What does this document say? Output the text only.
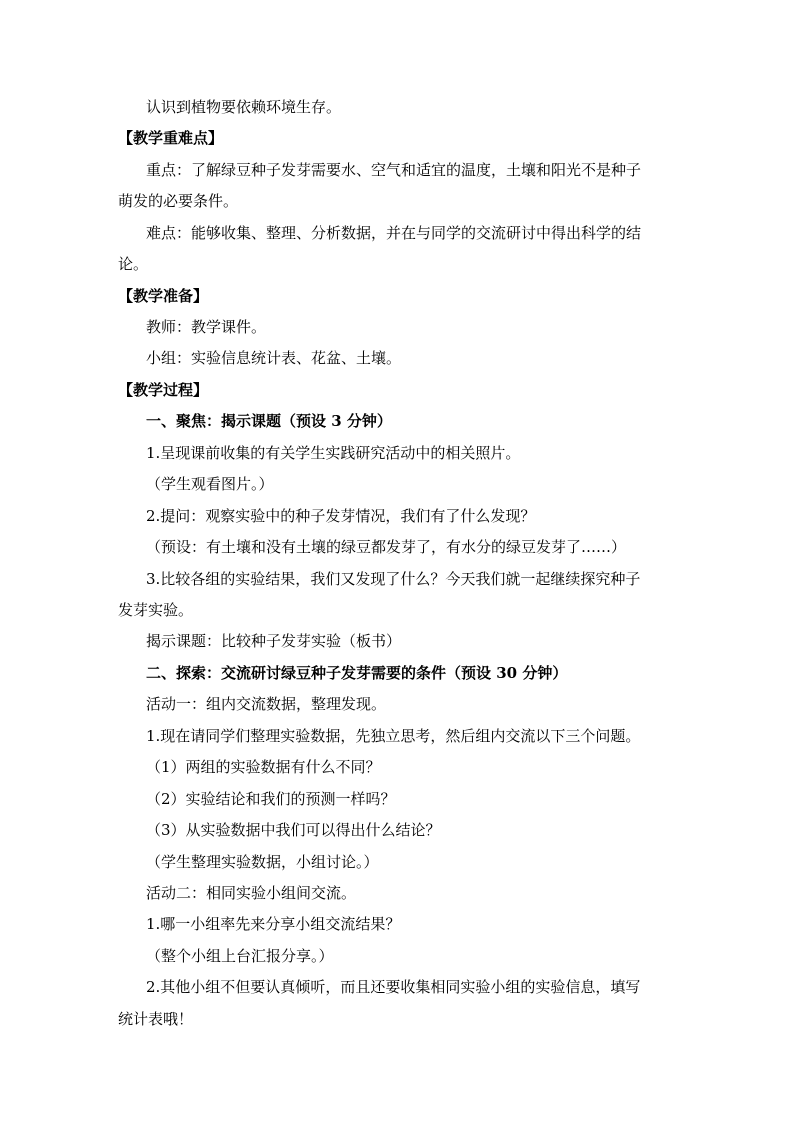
认识到植物要依赖环境生存。
【教学重难点】
重点：了解绿豆种子发芽需要水、空气和适宜的温度，土壤和阳光不是种子
萌发的必要条件。
难点：能够收集、整理、分析数据，并在与同学的交流研讨中得出科学的结
论。
【教学准备】
教师：教学课件。
小组：实验信息统计表、花盆、土壤。
【教学过程】
一、聚焦：揭示课题（预设 3 分钟）
1.呈现课前收集的有关学生实践研究活动中的相关照片。
（学生观看图片。）
2.提问：观察实验中的种子发芽情况，我们有了什么发现？
（预设：有土壤和没有土壤的绿豆都发芽了，有水分的绿豆发芽了……）
3.比较各组的实验结果，我们又发现了什么？今天我们就一起继续探究种子
发芽实验。
揭示课题：比较种子发芽实验（板书）
二、探索：交流研讨绿豆种子发芽需要的条件（预设 30 分钟）
活动一：组内交流数据，整理发现。
1.现在请同学们整理实验数据，先独立思考，然后组内交流以下三个问题。
（1）两组的实验数据有什么不同？
（2）实验结论和我们的预测一样吗？
（3）从实验数据中我们可以得出什么结论？
（学生整理实验数据，小组讨论。）
活动二：相同实验小组间交流。
1.哪一小组率先来分享小组交流结果？
（整个小组上台汇报分享。）
2.其他小组不但要认真倾听，而且还要收集相同实验小组的实验信息，填写
统计表哦！
